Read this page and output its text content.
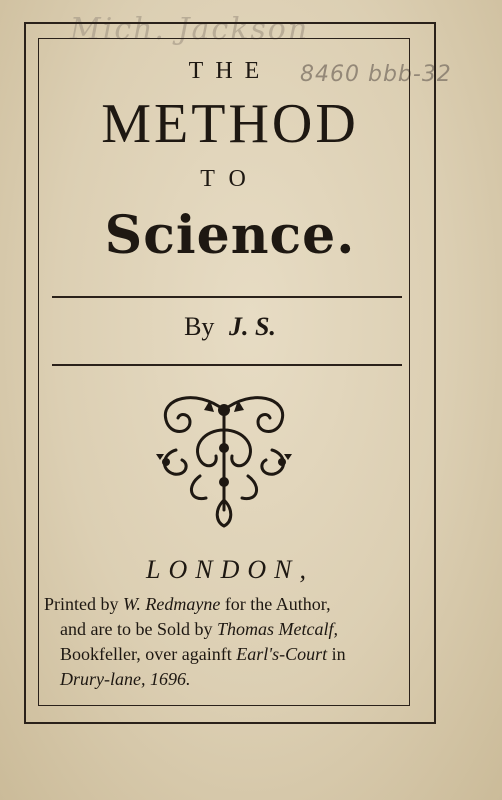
Mich. Jackson
8460 bbb-32
THE
METHOD
TO
Science.
By J. S.
LONDON,
Printed by W. Redmayne for the Author,
and are to be Sold by Thomas Metcalf,
Bookfeller, over againft Earl's-Court in
Drury-lane, 1696.
